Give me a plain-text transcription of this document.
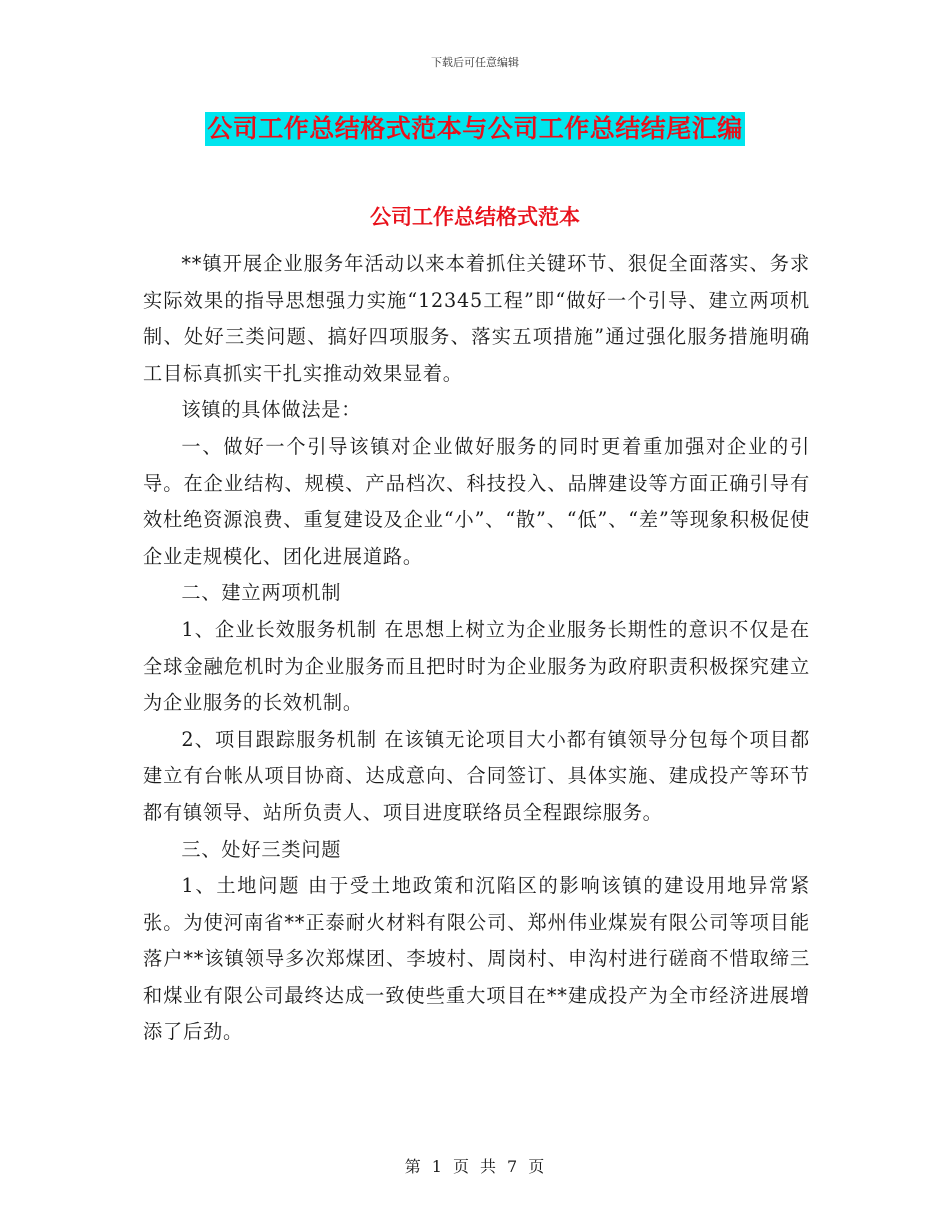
下载后可任意编辑
公司工作总结格式范本与公司工作总结结尾汇编
公司工作总结格式范本

**镇开展企业服务年活动以来本着抓住关键环节、狠促全面落实、务求实际效果的指导思想强力实施“12345工程”即“做好一个引导、建立两项机制、处好三类问题、搞好四项服务、落实五项措施”通过强化服务措施明确工目标真抓实干扎实推动效果显着。

该镇的具体做法是：

一、做好一个引导该镇对企业做好服务的同时更着重加强对企业的引导。在企业结构、规模、产品档次、科技投入、品牌建设等方面正确引导有效杜绝资源浪费、重复建设及企业“小”、“散”、“低”、“差”等现象积极促使企业走规模化、团化进展道路。

二、建立两项机制

1、企业长效服务机制 在思想上树立为企业服务长期性的意识不仅是在全球金融危机时为企业服务而且把时时为企业服务为政府职责积极探究建立为企业服务的长效机制。

2、项目跟踪服务机制 在该镇无论项目大小都有镇领导分包每个项目都建立有台帐从项目协商、达成意向、合同签订、具体实施、建成投产等环节都有镇领导、站所负责人、项目进度联络员全程跟综服务。

三、处好三类问题

1、土地问题 由于受土地政策和沉陷区的影响该镇的建设用地异常紧张。为使河南省**正泰耐火材料有限公司、郑州伟业煤炭有限公司等项目能落户**该镇领导多次郑煤团、李坡村、周岗村、申沟村进行磋商不惜取缔三和煤业有限公司最终达成一致使些重大项目在**建成投产为全市经济进展增添了后劲。

第 1 页 共 7 页
